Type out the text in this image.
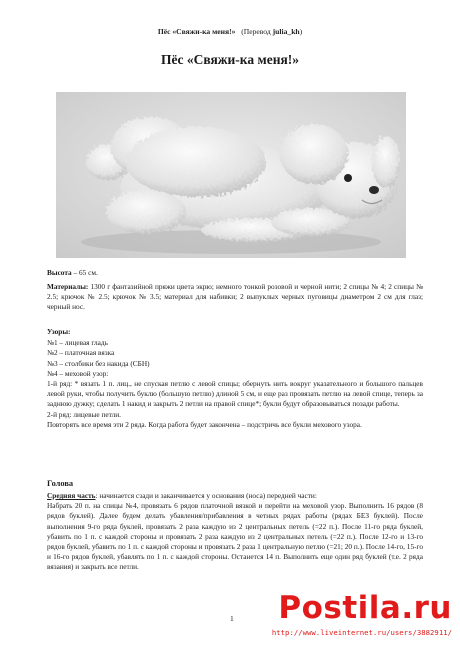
Пёс «Свяжи-ка меня!» (Перевод julia_kh)
Пёс «Свяжи-ка меня!»

Высота – 65 см.

Материалы: 1300 г фантазийной пряжи цвета экрю; немного тонкой розовой и черной нити; 2 спицы № 4; 2 спицы № 2.5; крючок № 2.5; крючок № 3.5; материал для набивки; 2 выпуклых черных пуговицы диаметром 2 см для глаз; черный нос.

Узоры:

№1 – лицевая гладь

№2 – платочная вязка

№3 – столбики без накида (СБН)

№4 – меховой узор:

1-й ряд: * вязать 1 п. лиц., не спуская петлю с левой спицы; обернуть нить вокруг указательного и большого пальцев левой руки, чтобы получить буклю (большую петлю) длиной 5 см, и еще раз провязать петлю на левой спице, теперь за заднюю дужку; сделать 1 накид и закрыть 2 петли на правой спице*; букли будут образовываться позади работы.

2-й ряд: лицевые петли.

Повторять все время эти 2 ряда. Когда работа будет закончена – подстричь все букли мехового узора.

Голова

Средняя часть: начинается сзади и заканчивается у основания (носа) передней части:

Набрать 20 п. на спицы №4, провязать 6 рядов платочной вязкой и перейти на меховой узор. Выполнить 16 рядов (8 рядов буклей). Далее будем делать убавления/прибавления в четных рядах работы (рядах БЕЗ буклей). После выполнения 9-го ряда буклей, провязать 2 раза каждую из 2 центральных петель (=22 п.). После 11-го ряда буклей, убавить по 1 п. с каждой стороны и провязать 2 раза каждую из 2 центральных петель (=22 п.). После 12-го и 13-го рядов буклей, убавить по 1 п. с каждой стороны и провязать 2 раза 1 центральную петлю (=21; 20 п.). После 14-го, 15-го и 16-го рядов буклей, убавлять по 1 п. с каждой стороны. Останется 14 п. Выполнить еще один ряд буклей (т.е. 2 ряда вязания) и закрыть все петли.

1 Postila . ru
http://www.liveinternet.ru/users/3882911/
